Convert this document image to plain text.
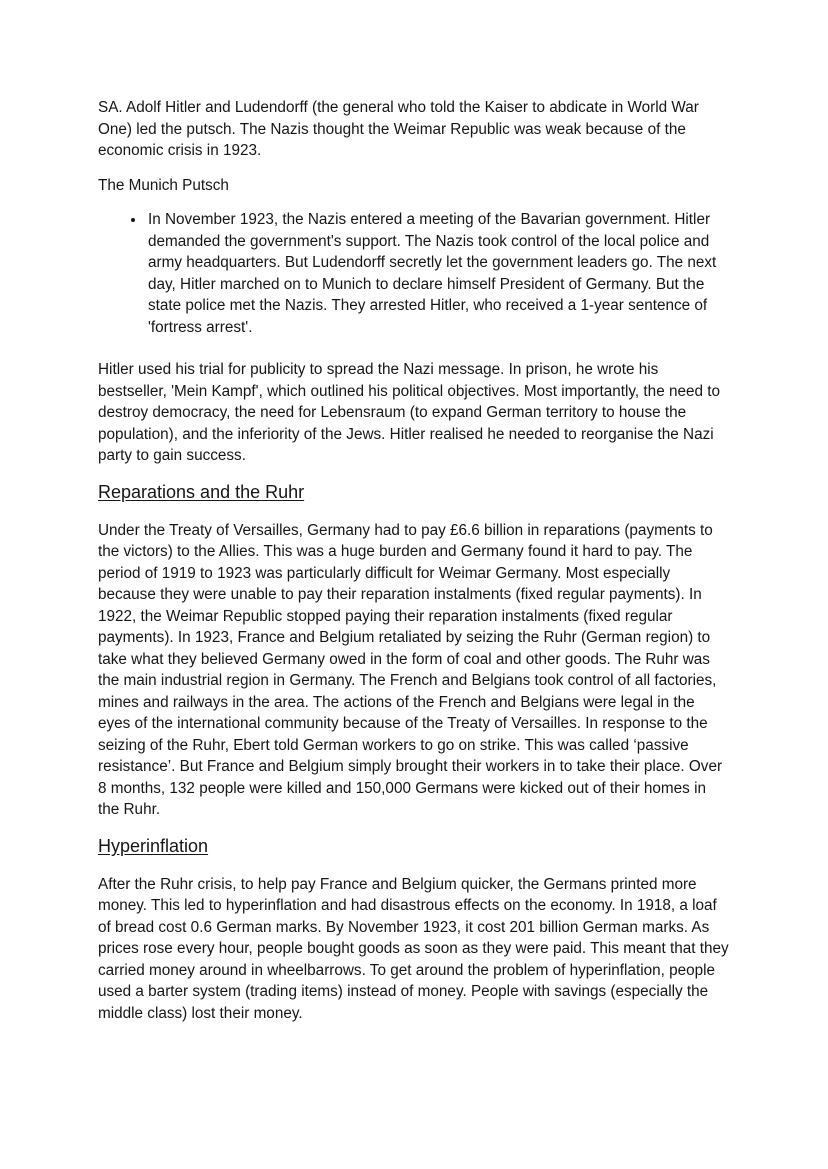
SA. Adolf Hitler and Ludendorff (the general who told the Kaiser to abdicate in World War One) led the putsch. The Nazis thought the Weimar Republic was weak because of the economic crisis in 1923.

The Munich Putsch

• In November 1923, the Nazis entered a meeting of the Bavarian government. Hitler demanded the government's support. The Nazis took control of the local police and army headquarters. But Ludendorff secretly let the government leaders go. The next day, Hitler marched on to Munich to declare himself President of Germany. But the state police met the Nazis. They arrested Hitler, who received a 1-year sentence of 'fortress arrest'.

Hitler used his trial for publicity to spread the Nazi message. In prison, he wrote his bestseller, 'Mein Kampf', which outlined his political objectives. Most importantly, the need to destroy democracy, the need for Lebensraum (to expand German territory to house the population), and the inferiority of the Jews. Hitler realised he needed to reorganise the Nazi party to gain success.

Reparations and the Ruhr

Under the Treaty of Versailles, Germany had to pay £6.6 billion in reparations (payments to the victors) to the Allies. This was a huge burden and Germany found it hard to pay. The period of 1919 to 1923 was particularly difficult for Weimar Germany. Most especially because they were unable to pay their reparation instalments (fixed regular payments). In 1922, the Weimar Republic stopped paying their reparation instalments (fixed regular payments). In 1923, France and Belgium retaliated by seizing the Ruhr (German region) to take what they believed Germany owed in the form of coal and other goods. The Ruhr was the main industrial region in Germany. The French and Belgians took control of all factories, mines and railways in the area. The actions of the French and Belgians were legal in the eyes of the international community because of the Treaty of Versailles. In response to the seizing of the Ruhr, Ebert told German workers to go on strike. This was called ‘passive resistance’. But France and Belgium simply brought their workers in to take their place. Over 8 months, 132 people were killed and 150,000 Germans were kicked out of their homes in the Ruhr.

Hyperinflation

After the Ruhr crisis, to help pay France and Belgium quicker, the Germans printed more money. This led to hyperinflation and had disastrous effects on the economy. In 1918, a loaf of bread cost 0.6 German marks. By November 1923, it cost 201 billion German marks. As prices rose every hour, people bought goods as soon as they were paid. This meant that they carried money around in wheelbarrows. To get around the problem of hyperinflation, people used a barter system (trading items) instead of money. People with savings (especially the middle class) lost their money.
